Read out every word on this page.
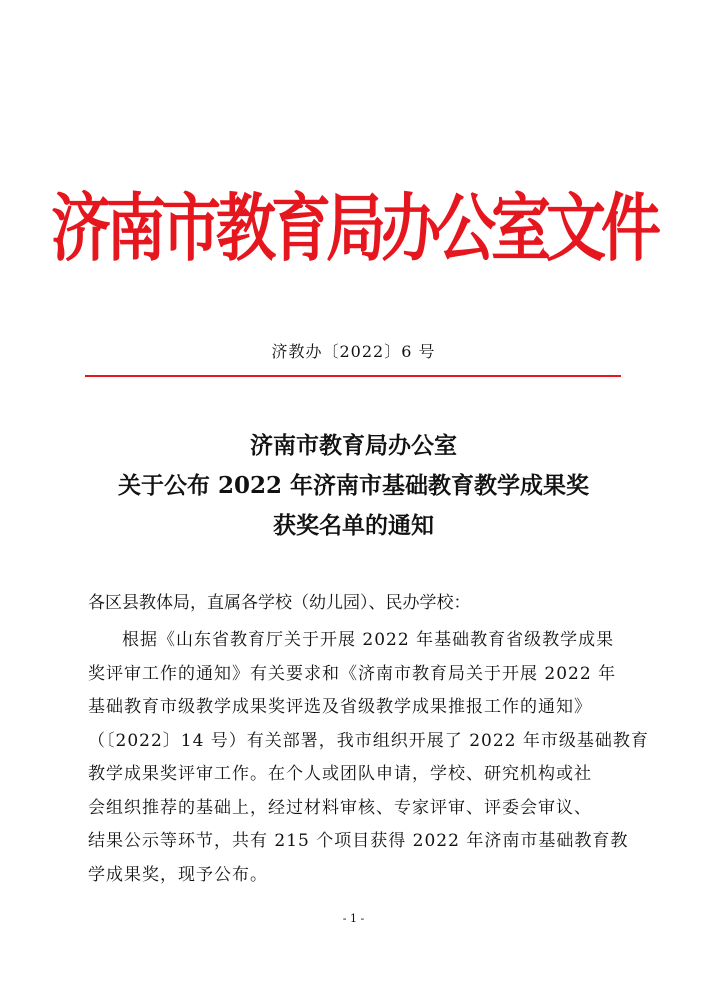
济南市教育局办公室文件
济教办〔2022〕6 号
济南市教育局办公室
关于公布 2022 年济南市基础教育教学成果奖
获奖名单的通知
各区县教体局，直属各学校（幼儿园）、民办学校：
根据《山东省教育厅关于开展 2022 年基础教育省级教学成果
奖评审工作的通知》有关要求和《济南市教育局关于开展 2022 年
基础教育市级教学成果奖评选及省级教学成果推报工作的通知》
（〔2022〕14 号）有关部署，我市组织开展了 2022 年市级基础教育
教学成果奖评审工作。在个人或团队申请，学校、研究机构或社
会组织推荐的基础上，经过材料审核、专家评审、评委会审议、
结果公示等环节，共有 215 个项目获得 2022 年济南市基础教育教
学成果奖，现予公布。
- 1 -
